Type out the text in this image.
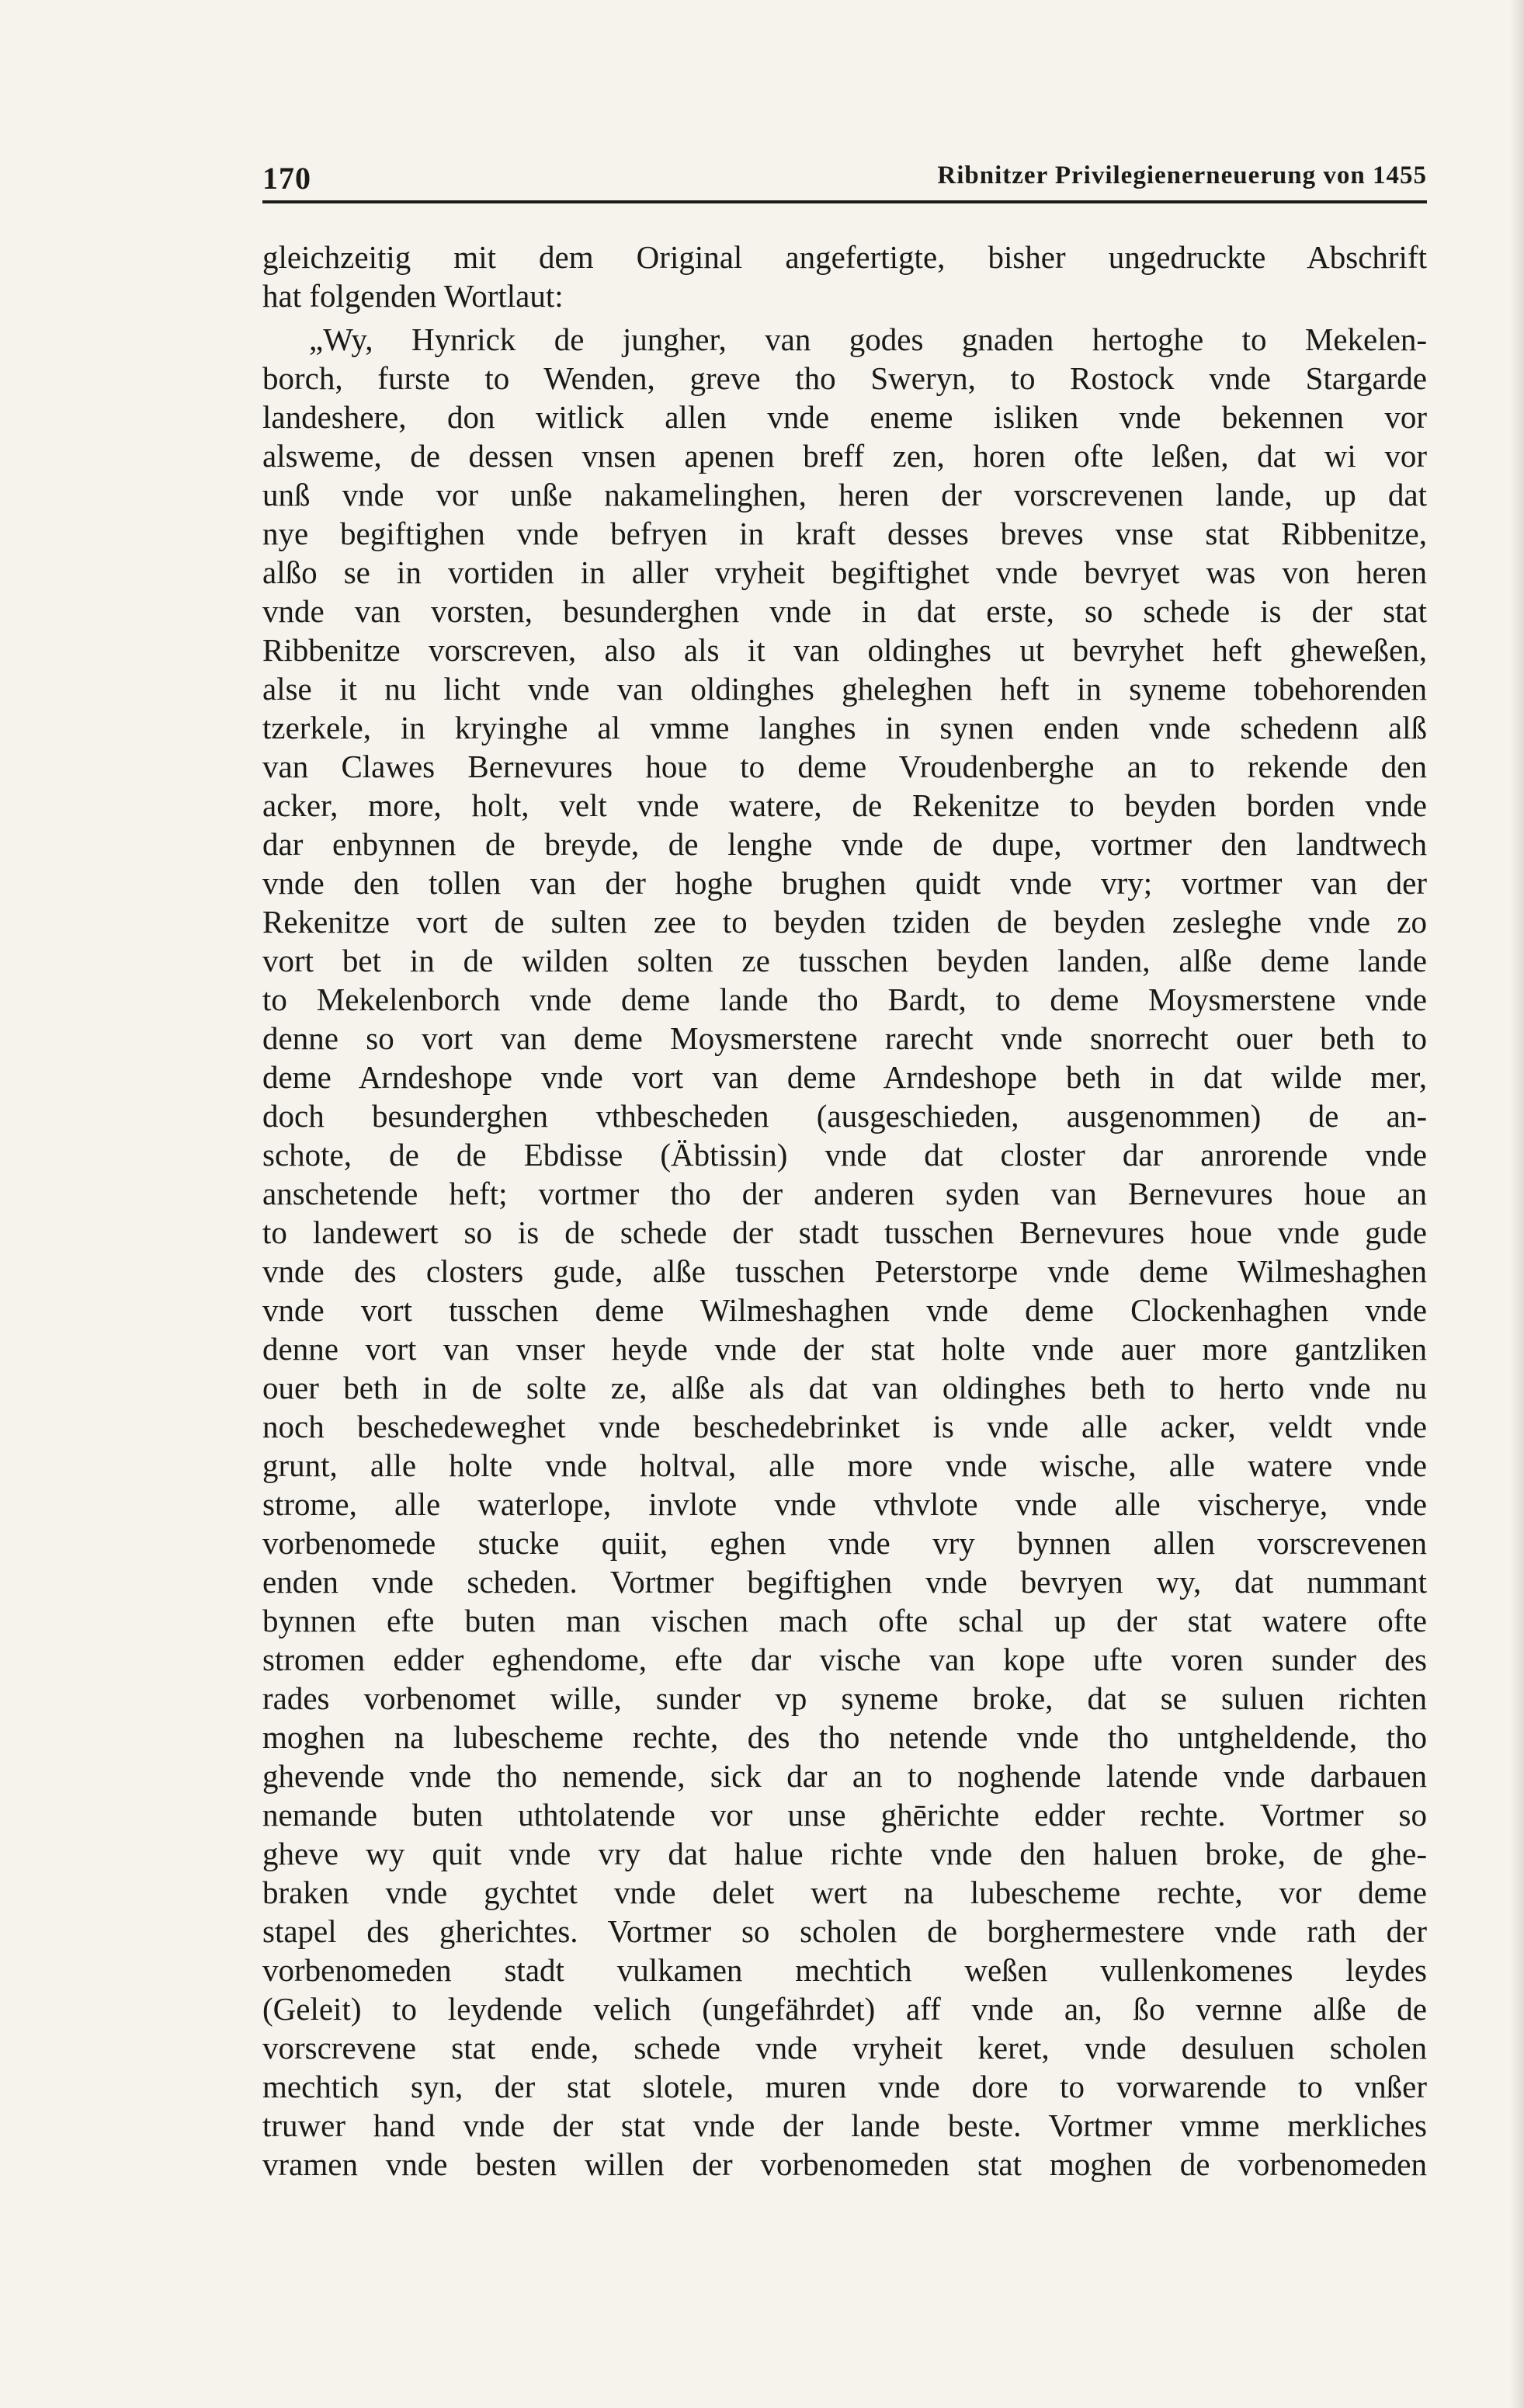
170	Ribnitzer Privilegienerneuerung von 1455
gleichzeitig mit dem Original angefertigte, bisher ungedruckte Abschrift
hat folgenden Wortlaut:
„Wy, Hynrick de jungher, van godes gnaden hertoghe to Mekelen-
borch, furste to Wenden, greve tho Sweryn, to Rostock vnde Stargarde
landeshere, don witlick allen vnde eneme isliken vnde bekennen vor
alsweme, de dessen vnsen apenen breff zen, horen ofte leßen, dat wi vor
unß vnde vor unße nakamelinghen, heren der vorscrevenen lande, up dat
nye begiftighen vnde befryen in kraft desses breves vnse stat Ribbenitze,
alßo se in vortiden in aller vryheit begiftighet vnde bevryet was von heren
vnde van vorsten, besunderghen vnde in dat erste, so schede is der stat
Ribbenitze vorscreven, also als it van oldinghes ut bevryhet heft gheweßen,
alse it nu licht vnde van oldinghes gheleghen heft in syneme tobehorenden
tzerkele, in kryinghe al vmme langhes in synen enden vnde schedenn alß
van Clawes Bernevures houe to deme Vroudenberghe an to rekende den
acker, more, holt, velt vnde watere, de Rekenitze to beyden borden vnde
dar enbynnen de breyde, de lenghe vnde de dupe, vortmer den landtwech
vnde den tollen van der hoghe brughen quidt vnde vry; vortmer van der
Rekenitze vort de sulten zee to beyden tziden de beyden zesleghe vnde zo
vort bet in de wilden solten ze tusschen beyden landen, alße deme lande
to Mekelenborch vnde deme lande tho Bardt, to deme Moysmerstene vnde
denne so vort van deme Moysmerstene rarecht vnde snorrecht ouer beth to
deme Arndeshope vnde vort van deme Arndeshope beth in dat wilde mer,
doch besunderghen vthbescheden (ausgeschieden, ausgenommen) de an-
schote, de de Ebdisse (Äbtissin) vnde dat closter dar anrorende vnde
anschetende heft; vortmer tho der anderen syden van Bernevures houe an
to landewert so is de schede der stadt tusschen Bernevures houe vnde gude
vnde des closters gude, alße tusschen Peterstorpe vnde deme Wilmeshaghen
vnde vort tusschen deme Wilmeshaghen vnde deme Clockenhaghen vnde
denne vort van vnser heyde vnde der stat holte vnde auer more gantzliken
ouer beth in de solte ze, alße als dat van oldinghes beth to herto vnde nu
noch beschedeweghet vnde beschedebrinket is vnde alle acker, veldt vnde
grunt, alle holte vnde holtval, alle more vnde wische, alle watere vnde
strome, alle waterlope, invlote vnde vthvlote vnde alle vischerye, vnde
vorbenomede stucke quiit, eghen vnde vry bynnen allen vorscrevenen
enden vnde scheden. Vortmer begiftighen vnde bevryen wy, dat nummant
bynnen efte buten man vischen mach ofte schal up der stat watere ofte
stromen edder eghendome, efte dar vische van kope ufte voren sunder des
rades vorbenomet wille, sunder vp syneme broke, dat se suluen richten
moghen na lubescheme rechte, des tho netende vnde tho untgheldende, tho
ghevende vnde tho nemende, sick dar an to noghende latende vnde darbauen
nemande buten uthtolatende vor unse ghērichte edder rechte. Vortmer so
gheve wy quit vnde vry dat halue richte vnde den haluen broke, de ghe-
braken vnde gychtet vnde delet wert na lubescheme rechte, vor deme
stapel des gherichtes. Vortmer so scholen de borghermestere vnde rath der
vorbenomeden stadt vulkamen mechtich weßen vullenkomenes leydes
(Geleit) to leydende velich (ungefährdet) aff vnde an, ßo vernne alße de
vorscrevene stat ende, schede vnde vryheit keret, vnde desuluen scholen
mechtich syn, der stat slotele, muren vnde dore to vorwarende to vnßer
truwer hand vnde der stat vnde der lande beste. Vortmer vmme merkliches
vramen vnde besten willen der vorbenomeden stat moghen de vorbenomeden
